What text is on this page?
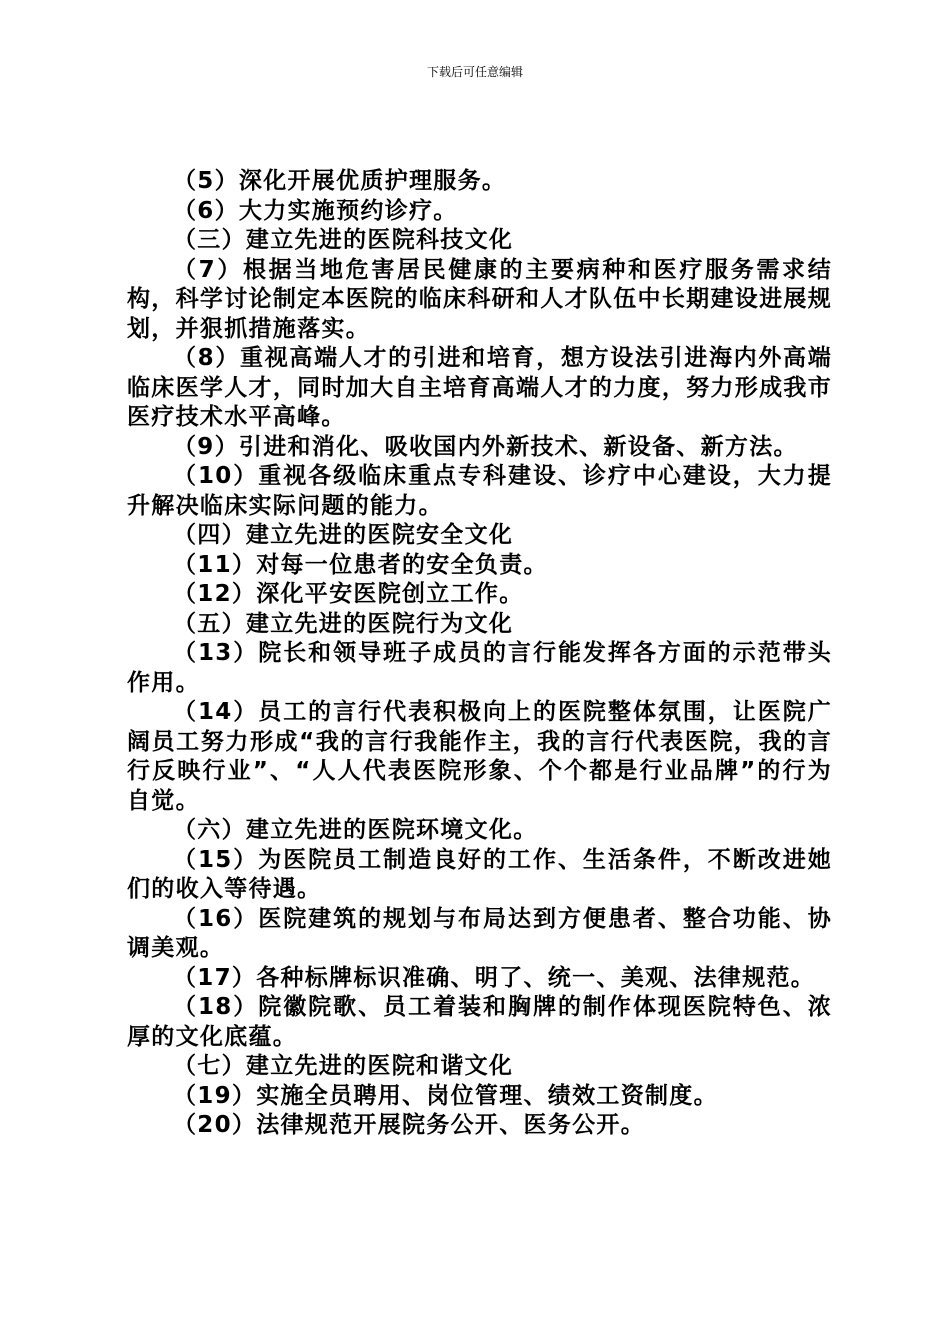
下载后可任意编辑

（5）深化开展优质护理服务。

（6）大力实施预约诊疗。

（三）建立先进的医院科技文化

（7）根据当地危害居民健康的主要病种和医疗服务需求结构，科学讨论制定本医院的临床科研和人才队伍中长期建设进展规划，并狠抓措施落实。

（8）重视高端人才的引进和培育，想方设法引进海内外高端临床医学人才，同时加大自主培育高端人才的力度，努力形成我市医疗技术水平高峰。

（9）引进和消化、吸收国内外新技术、新设备、新方法。

（10）重视各级临床重点专科建设、诊疗中心建设，大力提升解决临床实际问题的能力。

（四）建立先进的医院安全文化

（11）对每一位患者的安全负责。

（12）深化平安医院创立工作。

（五）建立先进的医院行为文化

（13）院长和领导班子成员的言行能发挥各方面的示范带头作用。

（14）员工的言行代表积极向上的医院整体氛围，让医院广阔员工努力形成“我的言行我能作主，我的言行代表医院，我的言行反映行业”、“人人代表医院形象、个个都是行业品牌”的行为自觉。

（六）建立先进的医院环境文化。

（15）为医院员工制造良好的工作、生活条件，不断改进她们的收入等待遇。

（16）医院建筑的规划与布局达到方便患者、整合功能、协调美观。

（17）各种标牌标识准确、明了、统一、美观、法律规范。

（18）院徽院歌、员工着装和胸牌的制作体现医院特色、浓厚的文化底蕴。

（七）建立先进的医院和谐文化

（19）实施全员聘用、岗位管理、绩效工资制度。

（20）法律规范开展院务公开、医务公开。
